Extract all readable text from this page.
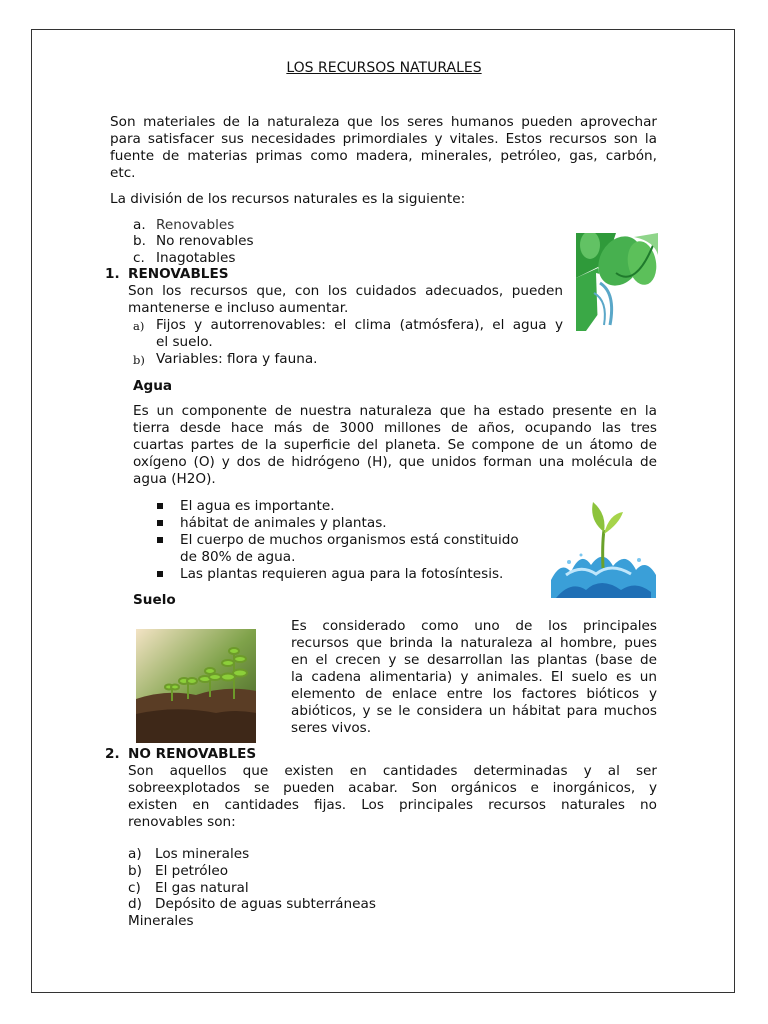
LOS RECURSOS NATURALES
Son materiales de la naturaleza que los seres humanos pueden aprovechar
para satisfacer sus necesidades primordiales y vitales. Estos recursos son la
fuente de materias primas como madera, minerales, petróleo, gas, carbón,
etc.
La división de los recursos naturales es la siguiente:
a. Renovables
b. No renovables
c. Inagotables
1. RENOVABLES
Son los recursos que, con los cuidados adecuados, pueden
mantenerse e incluso aumentar.
a) Fijos y autorrenovables: el clima (atmósfera), el agua y
el suelo.
b) Variables: flora y fauna.
Agua
Es un componente de nuestra naturaleza que ha estado presente en la
tierra desde hace más de 3000 millones de años, ocupando las tres
cuartas partes de la superficie del planeta. Se compone de un átomo de
oxígeno (O) y dos de hidrógeno (H), que unidos forman una molécula de
agua (H2O).
El agua es importante.
hábitat de animales y plantas.
El cuerpo de muchos organismos está constituido
de 80% de agua.
Las plantas requieren agua para la fotosíntesis.
Suelo
Es considerado como uno de los principales
recursos que brinda la naturaleza al hombre, pues
en el crecen y se desarrollan las plantas (base de
la cadena alimentaria) y animales. El suelo es un
elemento de enlace entre los factores bióticos y
abióticos, y se le considera un hábitat para muchos
seres vivos.
2. NO RENOVABLES
Son aquellos que existen en cantidades determinadas y al ser
sobreexplotados se pueden acabar. Son orgánicos e inorgánicos, y
existen en cantidades fijas. Los principales recursos naturales no
renovables son:
a) Los minerales
b) El petróleo
c) El gas natural
d) Depósito de aguas subterráneas
Minerales
